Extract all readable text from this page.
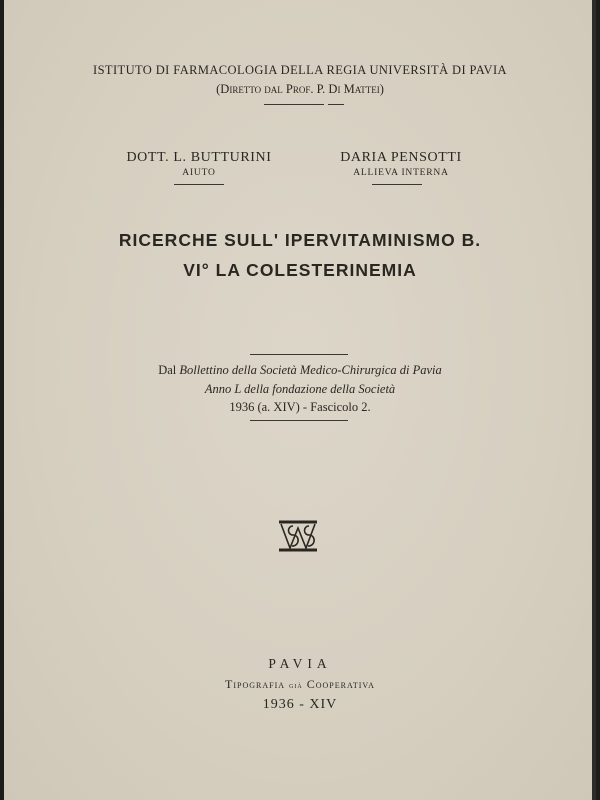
ISTITUTO DI FARMACOLOGIA DELLA REGIA UNIVERSITÀ DI PAVIA
(Diretto dal Prof. P. Di Mattei)
DOTT. L. BUTTURINI
AIUTO
DARIA PENSOTTI
ALLIEVA INTERNA
RICERCHE SULL' IPERVITAMINISMO B.
VI° LA COLESTERINEMIA
Dal Bollettino della Società Medico-Chirurgica di Pavia
Anno L della fondazione della Società
1936 (a. XIV) - Fascicolo 2.
PAVIA
Tipografia già Cooperativa
1936 - XIV
